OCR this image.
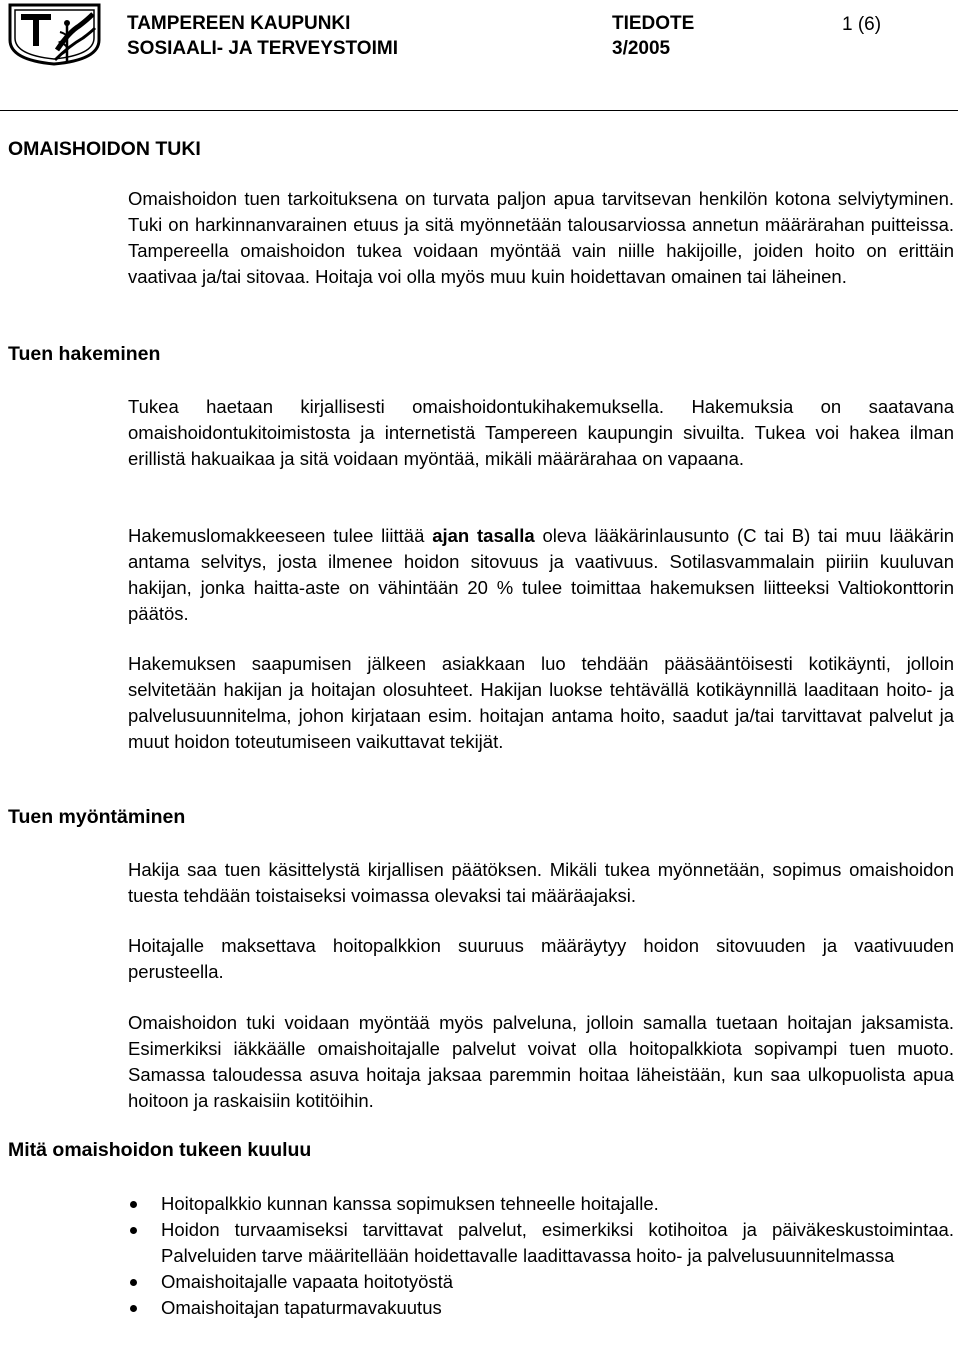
TAMPEREEN KAUPUNKI
SOSIAALI- JA TERVEYSTOIMI
TIEDOTE
3/2005
1 (6)
OMAISHOIDON TUKI

Omaishoidon tuen tarkoituksena on turvata paljon apua tarvitsevan henkilön kotona selviytyminen. Tuki on harkinnanvarainen etuus ja sitä myönnetään talousarviossa annetun määrärahan puitteissa. Tampereella omaishoidon tukea voidaan myöntää vain niille hakijoille, joiden hoito on erittäin vaativaa ja/tai sitovaa. Hoitaja voi olla myös muu kuin hoidettavan omainen tai läheinen.

Tuen hakeminen

Tukea haetaan kirjallisesti omaishoidontukihakemuksella. Hakemuksia on saatavana omaishoidontukitoimistosta ja internetistä Tampereen kaupungin sivuilta. Tukea voi hakea ilman erillistä hakuaikaa ja sitä voidaan myöntää, mikäli määrärahaa on vapaana.

Hakemuslomakkeeseen tulee liittää ajan tasalla oleva lääkärinlausunto (C tai B) tai muu lääkärin antama selvitys, josta ilmenee hoidon sitovuus ja vaativuus. Sotilasvammalain piiriin kuuluvan hakijan, jonka haitta-aste on vähintään 20 % tulee toimittaa hakemuksen liitteeksi Valtiokonttorin päätös.

Hakemuksen saapumisen jälkeen asiakkaan luo tehdään pääsääntöisesti kotikäynti, jolloin selvitetään hakijan ja hoitajan olosuhteet. Hakijan luokse tehtävällä kotikäynnillä laaditaan hoito- ja palvelusuunnitelma, johon kirjataan esim. hoitajan antama hoito, saadut ja/tai tarvittavat palvelut ja muut hoidon toteutumiseen vaikuttavat tekijät.

Tuen myöntäminen

Hakija saa tuen käsittelystä kirjallisen päätöksen. Mikäli tukea myönnetään, sopimus omaishoidon tuesta tehdään toistaiseksi voimassa olevaksi tai määräajaksi.

Hoitajalle maksettava hoitopalkkion suuruus määräytyy hoidon sitovuuden ja vaativuuden perusteella.

Omaishoidon tuki voidaan myöntää myös palveluna, jolloin samalla tuetaan hoitajan jaksamista. Esimerkiksi iäkkäälle omaishoitajalle palvelut voivat olla hoitopalkkiota sopivampi tuen muoto. Samassa taloudessa asuva hoitaja jaksaa paremmin hoitaa läheistään, kun saa ulkopuolista apua hoitoon ja raskaisiin kotitöihin.

Mitä omaishoidon tukeen kuuluu
Hoitopalkkio kunnan kanssa sopimuksen tehneelle hoitajalle.
Hoidon turvaamiseksi tarvittavat palvelut, esimerkiksi kotihoitoa ja päiväkeskustoimintaa. Palveluiden tarve määritellään hoidettavalle laadittavassa hoito- ja palvelusuunnitelmassa
Omaishoitajalle vapaata hoitotyöstä
Omaishoitajan tapaturmavakuutus
